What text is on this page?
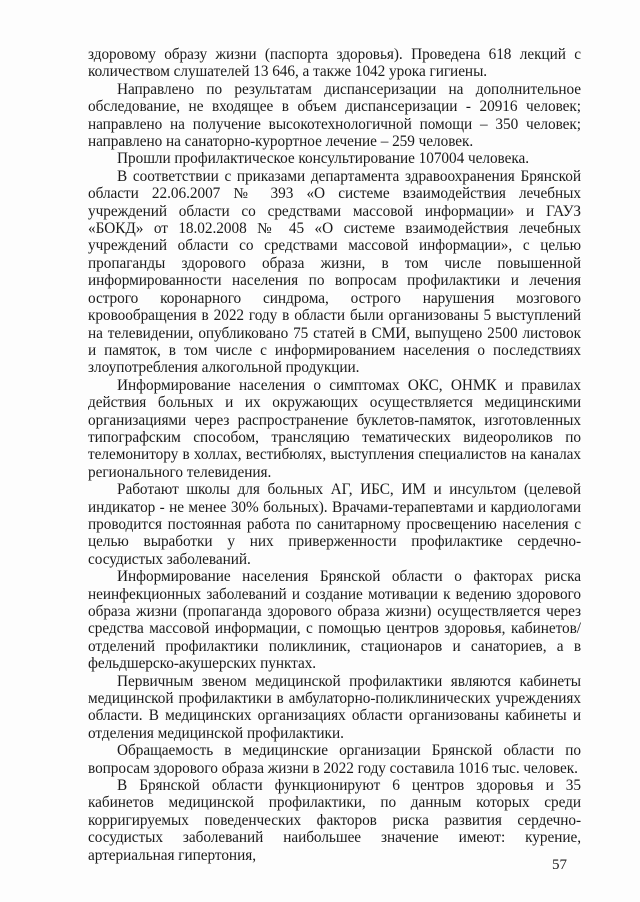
здоровому образу жизни (паспорта здоровья). Проведена 618 лекций с количеством слушателей 13 646, а также 1042 урока гигиены.

Направлено по результатам диспансеризации на дополнительное обследование, не входящее в объем диспансеризации - 20916 человек; направлено на получение высокотехнологичной помощи – 350 человек; направлено на санаторно-курортное лечение – 259 человек.

Прошли профилактическое консультирование 107004 человека.

В соответствии с приказами департамента здравоохранения Брянской области 22.06.2007 № 393 «О системе взаимодействия лечебных учреждений области со средствами массовой информации» и ГАУЗ «БОКД» от 18.02.2008 № 45 «О системе взаимодействия лечебных учреждений области со средствами массовой информации», с целью пропаганды здорового образа жизни, в том числе повышенной информированности населения по вопросам профилактики и лечения острого коронарного синдрома, острого нарушения мозгового кровообращения в 2022 году в области были организованы 5 выступлений на телевидении, опубликовано 75 статей в СМИ, выпущено 2500 листовок и памяток, в том числе с информированием населения о последствиях злоупотребления алкогольной продукции.

Информирование населения о симптомах ОКС, ОНМК и правилах действия больных и их окружающих осуществляется медицинскими организациями через распространение буклетов-памяток, изготовленных типографским способом, трансляцию тематических видеороликов по телемонитору в холлах, вестибюлях, выступления специалистов на каналах регионального телевидения.

Работают школы для больных АГ, ИБС, ИМ и инсультом (целевой индикатор - не менее 30% больных). Врачами-терапевтами и кардиологами проводится постоянная работа по санитарному просвещению населения с целью выработки у них приверженности профилактике сердечно-сосудистых заболеваний.

Информирование населения Брянской области о факторах риска неинфекционных заболеваний и создание мотивации к ведению здорового образа жизни (пропаганда здорового образа жизни) осуществляется через средства массовой информации, с помощью центров здоровья, кабинетов/отделений профилактики поликлиник, стационаров и санаториев, а в фельдшерско-акушерских пунктах.

Первичным звеном медицинской профилактики являются кабинеты медицинской профилактики в амбулаторно-поликлинических учреждениях области. В медицинских организациях области организованы кабинеты и отделения медицинской профилактики.

Обращаемость в медицинские организации Брянской области по вопросам здорового образа жизни в 2022 году составила 1016 тыс. человек.

В Брянской области функционируют 6 центров здоровья и 35 кабинетов медицинской профилактики, по данным которых среди корригируемых поведенческих факторов риска развития сердечно-сосудистых заболеваний наибольшее значение имеют: курение, артериальная гипертония,

57
